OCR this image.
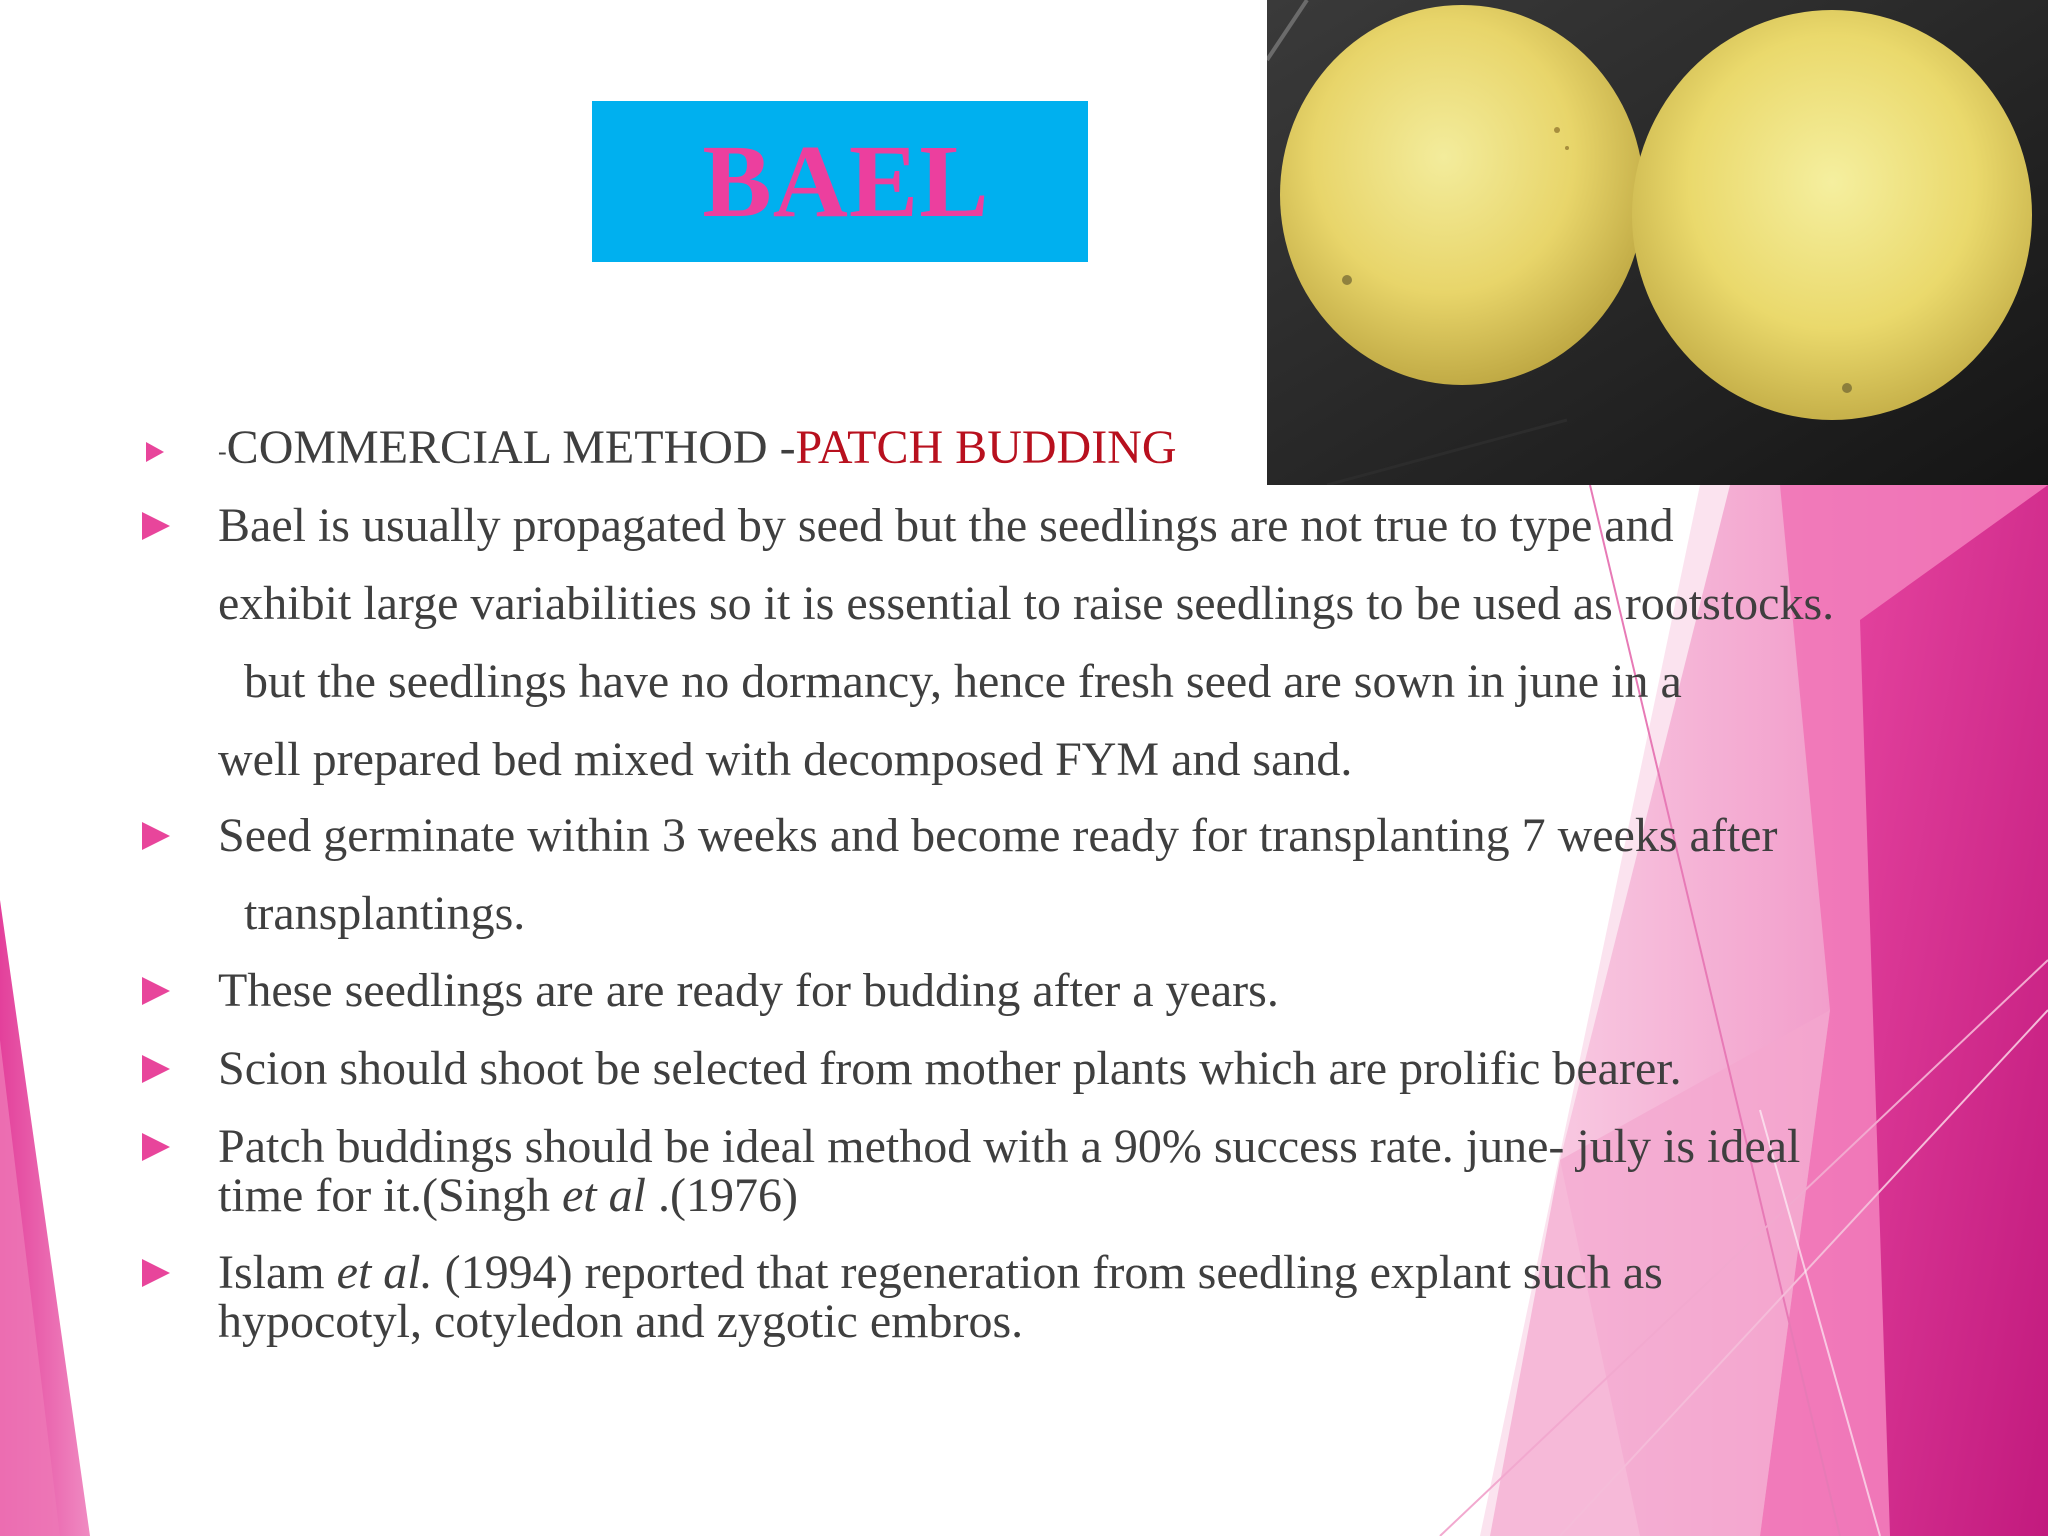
BAEL
-COMMERCIAL METHOD -PATCH BUDDING
Bael is usually propagated by seed but the seedlings are not true to type and
exhibit large variabilities so it is essential to raise seedlings to be used as rootstocks.
but the seedlings have no dormancy, hence fresh seed are sown in june in a
well prepared bed mixed with decomposed FYM and sand.
Seed germinate within 3 weeks and become ready for transplanting 7 weeks after
transplantings.
These seedlings are are ready for budding after a years.
Scion should shoot be selected from mother plants which are prolific bearer.
Patch buddings should be ideal method with a 90% success rate. june- july is ideal
time for it.(Singh et al .(1976)
Islam et al. (1994) reported that regeneration from seedling explant such as
hypocotyl, cotyledon and zygotic embros.
